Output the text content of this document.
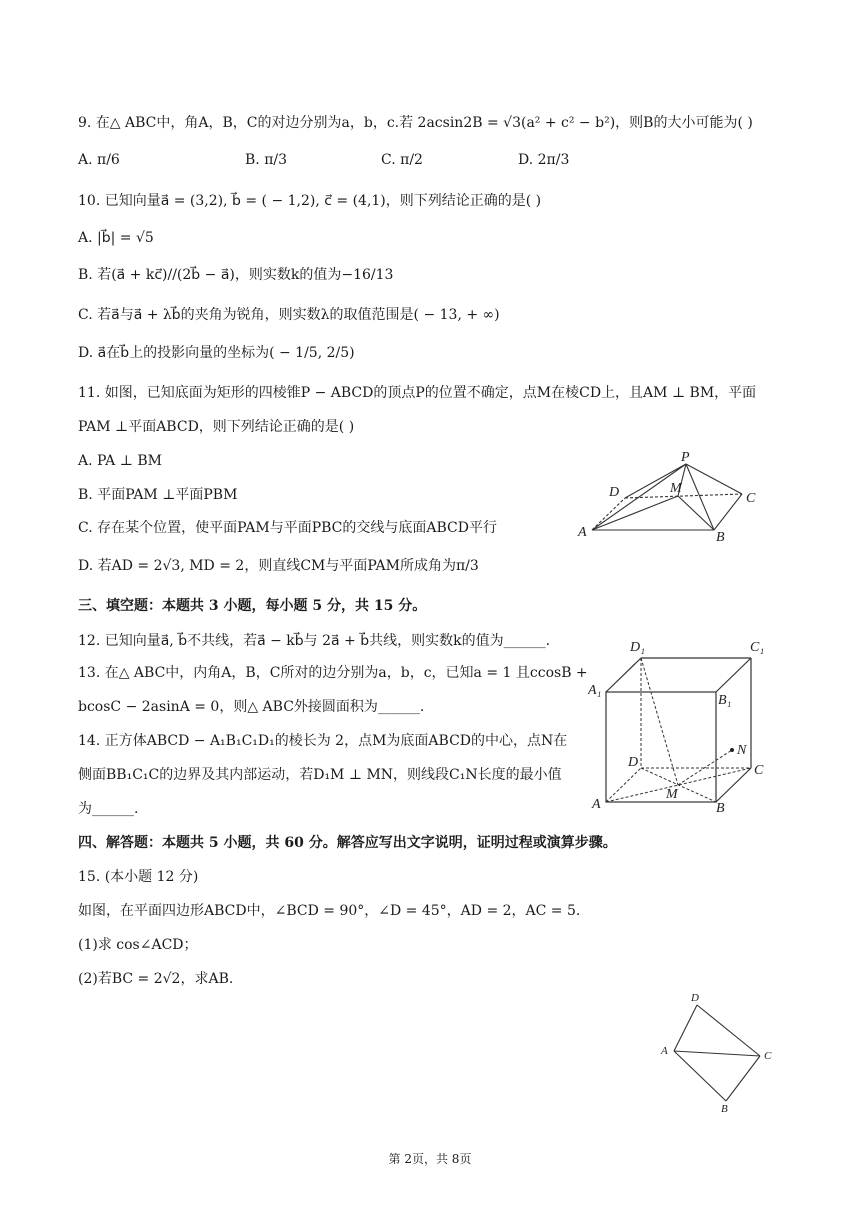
9. 在△ ABC中，角A，B，C的对边分别为a，b，c.若 2acsin2B = √3(a² + c² − b²)，则B的大小可能为( )
A. π/6	B. π/3	C. π/2	D. 2π/3
10. 已知向量a⃗ = (3,2), b⃗ = ( − 1,2), c⃗ = (4,1)，则下列结论正确的是( )
A. |b⃗| = √5
B. 若(a⃗ + kc⃗)//(2b⃗ − a⃗)，则实数k的值为−16/13
C. 若a⃗与a⃗ + λb⃗的夹角为锐角，则实数λ的取值范围是( − 13, + ∞)
D. a⃗在b⃗上的投影向量的坐标为( − 1/5, 2/5)
11. 如图，已知底面为矩形的四棱锥P − ABCD的顶点P的位置不确定，点M在棱CD上，且AM ⊥ BM，平面
PAM ⊥平面ABCD，则下列结论正确的是( )
A. PA ⊥ BM
B. 平面PAM ⊥平面PBM
C. 存在某个位置，使平面PAM与平面PBC的交线与底面ABCD平行
D. 若AD = 2√3, MD = 2，则直线CM与平面PAM所成角为π/3
P
D	M
C
A	B
三、填空题：本题共 3 小题，每小题 5 分，共 15 分。
12. 已知向量a⃗, b⃗不共线，若a⃗ − kb⃗与 2a⃗ + b⃗共线，则实数k的值为______.
13. 在△ ABC中，内角A，B，C所对的边分别为a，b，c，已知a = 1 且ccosB +
bcosC − 2asinA = 0，则△ ABC外接圆面积为______.
14. 正方体ABCD − A₁B₁C₁D₁的棱长为 2，点M为底面ABCD的中心，点N在
侧面BB₁C₁C的边界及其内部运动，若D₁M ⊥ MN，则线段C₁N长度的最小值
为______.
D₁	C₁
A₁
B₁
N
D
C
M
A	B
四、解答题：本题共 5 小题，共 60 分。解答应写出文字说明，证明过程或演算步骤。
15. (本小题 12 分)
如图，在平面四边形ABCD中，∠BCD = 90°，∠D = 45°，AD = 2，AC = 5.
(1)求 cos∠ACD；
(2)若BC = 2√2，求AB.
D
A	C
B
第 2页，共 8页
